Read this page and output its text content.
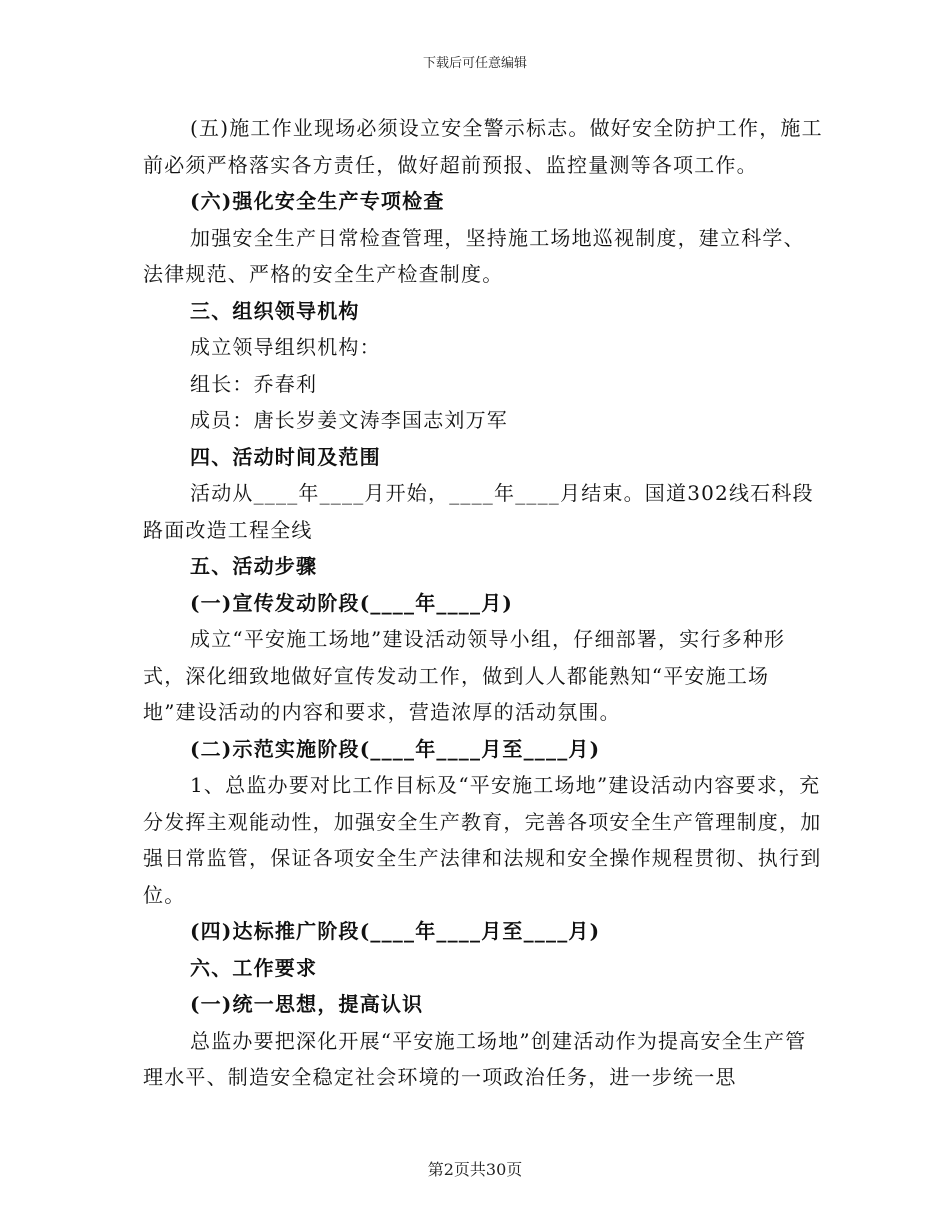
下载后可任意编辑

(五)施工作业现场必须设立安全警示标志。做好安全防护工作，施工前必须严格落实各方责任，做好超前预报、监控量测等各项工作。

(六)强化安全生产专项检查

加强安全生产日常检查管理，坚持施工场地巡视制度，建立科学、法律规范、严格的安全生产检查制度。

三、组织领导机构

成立领导组织机构：

组长：乔春利

成员：唐长岁姜文涛李国志刘万军

四、活动时间及范围

活动从____年____月开始，____年____月结束。国道302线石科段路面改造工程全线

五、活动步骤

(一)宣传发动阶段(____年____月)

成立“平安施工场地”建设活动领导小组，仔细部署，实行多种形式，深化细致地做好宣传发动工作，做到人人都能熟知“平安施工场地”建设活动的内容和要求，营造浓厚的活动氛围。

(二)示范实施阶段(____年____月至____月)

1、总监办要对比工作目标及“平安施工场地”建设活动内容要求，充分发挥主观能动性，加强安全生产教育，完善各项安全生产管理制度，加强日常监管，保证各项安全生产法律和法规和安全操作规程贯彻、执行到位。

(四)达标推广阶段(____年____月至____月)

六、工作要求

(一)统一思想，提高认识

总监办要把深化开展“平安施工场地”创建活动作为提高安全生产管理水平、制造安全稳定社会环境的一项政治任务，进一步统一思

第2页共30页
